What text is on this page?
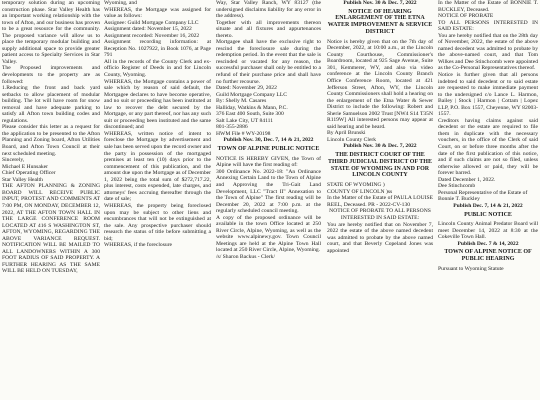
temporary solution during an upcoming construction phase. Star Valley Health has an important working relationship with the town of Afton, and our business has proven to be a great resource for the community. The proposed variance will allow us to place the temporary modular building and supply additional space to provide greater patient access to Specialty Services in Star Valley.

The Proposed improvements and developments to the property are as followed:

1.Reducing the front and back yard setbacks to allow placement of modular building. The lot will have room for snow removal and have adequate parking to satisfy all Afton town building codes and regulations.

Please consider this letter as a request for the application to be presented to the Afton Planning and Zoning board, Afton Utilities Board, and Afton Town Council at their next scheduled meeting.

Sincerely,

Michael E Hunsaker

Chief Operating Officer

Star Valley Health

THE AFTON PLANNING & ZONING BOARD WILL RECEIVE PUBLIC INPUT, PROTEST AND COMMENTS AT 7:00 PM, ON MONDAY, DECEMBER 12, 2022, AT THE AFTON TOWN HALL IN THE LARGE CONFERENCE ROOM LOCATED AT 416 S WASHINGTON ST, AFTON, WYOMING, REGARDING THE ABOVE VARIANCE REQUEST. NOTIFICATION WILL BE MAILED TO ALL LANDOWNERS WITHIN A 300 FOOT RADIUS OF SAID PROPERTY. A FURTHER HEARING AS THE SAME WILL BE HELD ON TUESDAY,

Wyoming, and

WHEREAS, the Mortgage was assigned for value as follows:

Assignee: Guild Mortgage Company LLC

Assignment dated: November 15, 2022

Assignment recorded: November 16, 2022

Assignment recording information: at Reception No. 1027922, in Book 1076, at Page 791

All in the records of the County Clerk and ex-officio Register of Deeds in and for Lincoln County, Wyoming.

WHEREAS, the Mortgage contains a power of sale which by reason of said default, the Mortgagee declares to have become operative, and no suit or proceeding has been instituted at law to recover the debt secured by the Mortgage, or any part thereof, nor has any such suit or proceeding been instituted and the same discontinued; and

WHEREAS, written notice of intent to foreclose the Mortgage by advertisement and sale has been served upon the record owner and the party in possession of the mortgaged premises at least ten (10) days prior to the commencement of this publication, and the amount due upon the Mortgage as of December 1, 2022 being the total sum of $272,717.22, plus interest, costs expended, late charges, and attorneys' fees accruing thereafter through the date of sale;

WHEREAS, the property being foreclosed upon may be subject to other liens and encumbrances that will not be extinguished at the sale. Any prospective purchaser should research the status of title before submitting a bid;

WHEREAS, if the foreclosure

Way, Star Valley Ranch, WY 83127 (the undersigned disclaims liability for any error in the address).

Together with all improvements thereon situate and all fixtures and appurtenances thereto.

Mortgagee shall have the exclusive right to rescind the foreclosure sale during the redemption period. In the event that the sale is rescinded or vacated for any reason, the successful purchaser shall only be entitled to a refund of their purchase price and shall have no further recourse.

Dated: November 29, 2022

Guild Mortgage Company LLC

By: Shelly M. Casares

Halliday, Watkins & Mann, P.C.

376 East 400 South, Suite 300

Salt Lake City, UT 84111

801-355-2886

HWM File # WY-20198

Publish Nov. 30, Dec. 7, 14 & 21, 2022

TOWN OF ALPINE PUBLIC NOTICE

NOTICE IS HEREBY GIVEN, the Town of Alpine will have the first reading of:

300 Ordinance No. 2022-18: "An Ordinance Annexing Certain Land to the Town of Alpine and Approving the Tri-Gait Land Development, LLC "Tract II" Annexation to the Town of Alpine" The first reading will be December 20, 2022 at 7:00 p.m. at the regularly scheduled council meeting.

A copy of the proposed ordinance will be available in the town Office located at 250 River Circle, Alpine, Wyoming, as well as the website www.alpinewy.gov. Town Council Meetings are held at the Alpine Town Hall located at 250 River Circle, Alpine, Wyoming.

/s/ Sharon Backus - Clerk/

Publish Nov. 30 & Dec. 7, 2022

NOTICE OF HEARING ENLARGEMENT OF THE ETNA WATER IMPROVEMENT & SERVICE DISTRICT

Notice is hereby given that on the 7th day of December, 2022, at 10:00 a.m., at the Lincoln County Courthouse, Commissioner's Boardroom, located at 925 Sage Avenue, Suite 301, Kemmerer, WY, and also via video conference at the Lincoln County Branch Office Conference Room, located at 421 Jefferson Street, Afton, WY, the Lincoln County Commissioners shall hold a hearing on the enlargement of the Etna Water & Sewer District to include the following: Robert and Sherie Samuelson 2002 Trust [NW4 S14 T35N R119W] All interested persons may appear at said hearing and be heard.

By April Brunski

Lincoln County Clerk

Publish Nov. 30 & Dec. 7, 2022

THE DISTRICT COURT OF THE THIRD JUDICIAL DISTRICT OF THE STATE OF WYOMING IN AND FOR LINCOLN COUNTY

STATE OF WYOMING )

COUNTY OF LINCOLN )ss

In the Matter of the Estate of PAULA LOUISE REEL, Deceased. PR - 2022-CV-130

NOTICE OF PROBATE TO ALL PERSONS INTERESTED IN SAID ESTATE:

You are hereby notified that on November 7, 2022 the estate of the above named decedent was admitted to probate by the above named court, and that Beverly Copeland Jones was appointed

In the Matter of the Estate of BONNIE T. BUCKLEY, Deceased.

NOTICE OF PROBATE

TO ALL PERSONS INTERESTED IN SAID ESTATE:

You are hereby notified that on the 28th day of November, 2022, the estate of the above named decedent was admitted to probate by the above-named court, and that Tom Wilkes and Dee Stinchcomb were appointed as the Co-Personal Representatives thereof.

Notice is further given that all persons indebted to said decedent or to said estate are requested to make immediate payment to the undersigned c/o Lance L. Harmon, Bailey | Stock | Harmon | Cottam | Lopez LLP, P.O. Box 1557, Cheyenne, WY 82003-1557.

Creditors having claims against said decedent or the estate are required to file them in duplicate with the necessary vouchers, in the office of the Clerk of said Court, on or before three months after the date of the first publication of this notice, and if such claims are not so filed, unless otherwise allowed or paid, they will be forever barred.

Dated December 1, 2022.

Dee Stinchcomb

Personal Representative of the Estate of

Bonnie T. Buckley

Publish Dec. 7, 14 & 21, 2022

PUBLIC NOTICE

Lincoln County Animal Predator Board will meet December 14, 2022 at 8:30 at the Cokeville Town Hall.

Publish Dec. 7 & 14, 2022

TOWN OF ALPINE NOTICE OF PUBLIC HEARING

Pursuant to Wyoming Statute
